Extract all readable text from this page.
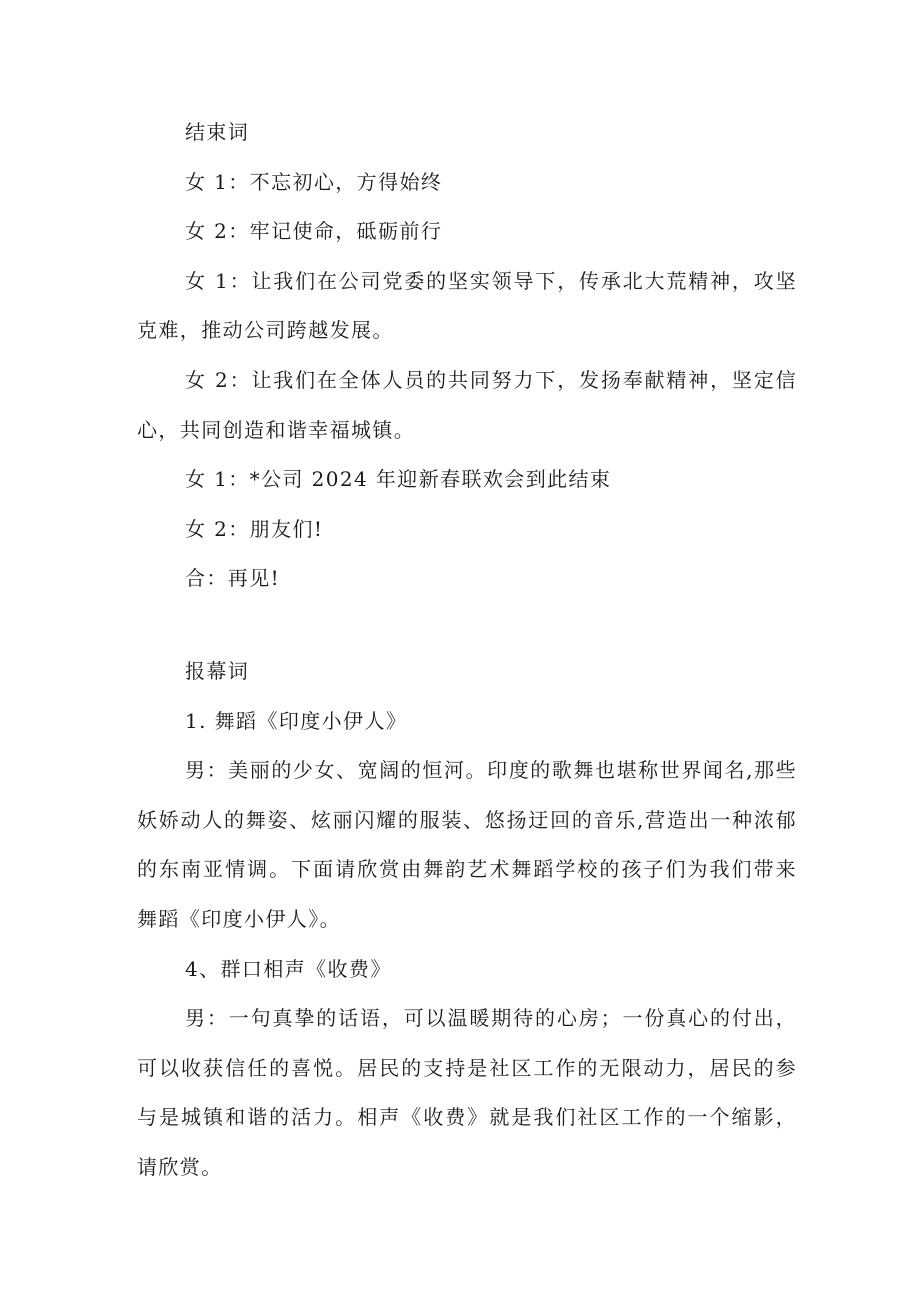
结束词

女 1：不忘初心，方得始终

女 2：牢记使命，砥砺前行

女 1：让我们在公司党委的坚实领导下，传承北大荒精神，攻坚克难，推动公司跨越发展。

女 2：让我们在全体人员的共同努力下，发扬奉献精神，坚定信心，共同创造和谐幸福城镇。

女 1：*公司 2024 年迎新春联欢会到此结束

女 2：朋友们!

合：再见!

报幕词

1. 舞蹈《印度小伊人》

男：美丽的少女、宽阔的恒河。印度的歌舞也堪称世界闻名,那些妖娇动人的舞姿、炫丽闪耀的服装、悠扬迂回的音乐,营造出一种浓郁的东南亚情调。下面请欣赏由舞韵艺术舞蹈学校的孩子们为我们带来舞蹈《印度小伊人》。

4、群口相声《收费》

男：一句真挚的话语，可以温暖期待的心房；一份真心的付出，可以收获信任的喜悦。居民的支持是社区工作的无限动力，居民的参与是城镇和谐的活力。相声《收费》就是我们社区工作的一个缩影，请欣赏。
